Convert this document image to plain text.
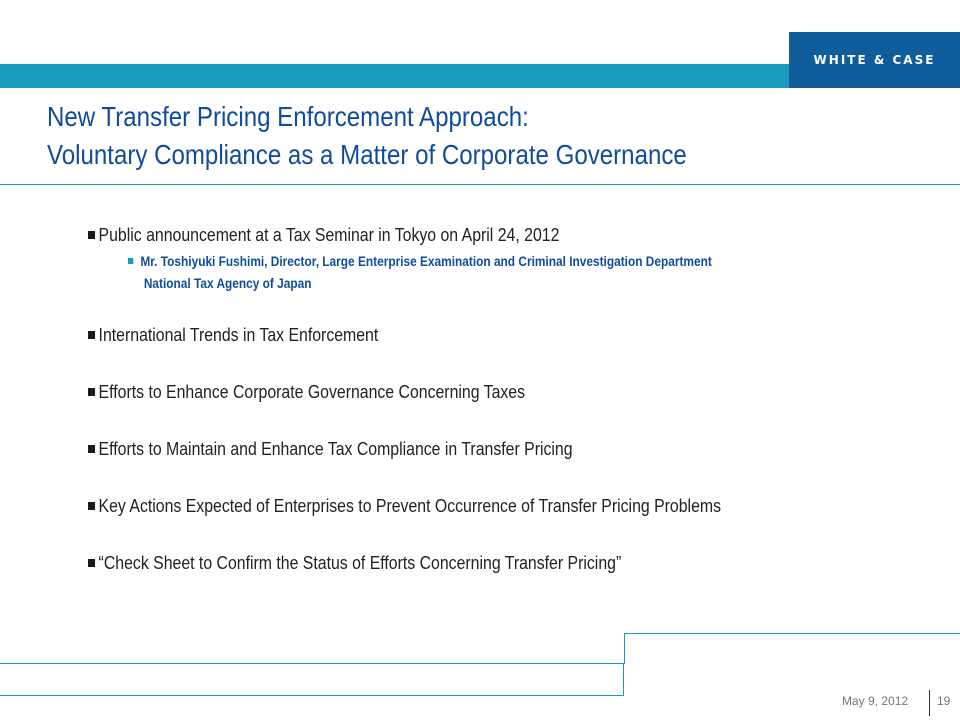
WHITE & CASE
New Transfer Pricing Enforcement Approach:
Voluntary Compliance as a Matter of Corporate Governance
Public announcement at a Tax Seminar in Tokyo on April 24, 2012
Mr. Toshiyuki Fushimi, Director, Large Enterprise Examination and Criminal Investigation Department
National Tax Agency of Japan
International Trends in Tax Enforcement
Efforts to Enhance Corporate Governance Concerning Taxes
Efforts to Maintain and Enhance Tax Compliance in Transfer Pricing
Key Actions Expected of Enterprises to Prevent Occurrence of Transfer Pricing Problems
“Check Sheet to Confirm the Status of Efforts Concerning Transfer Pricing”
May 9, 2012 19
